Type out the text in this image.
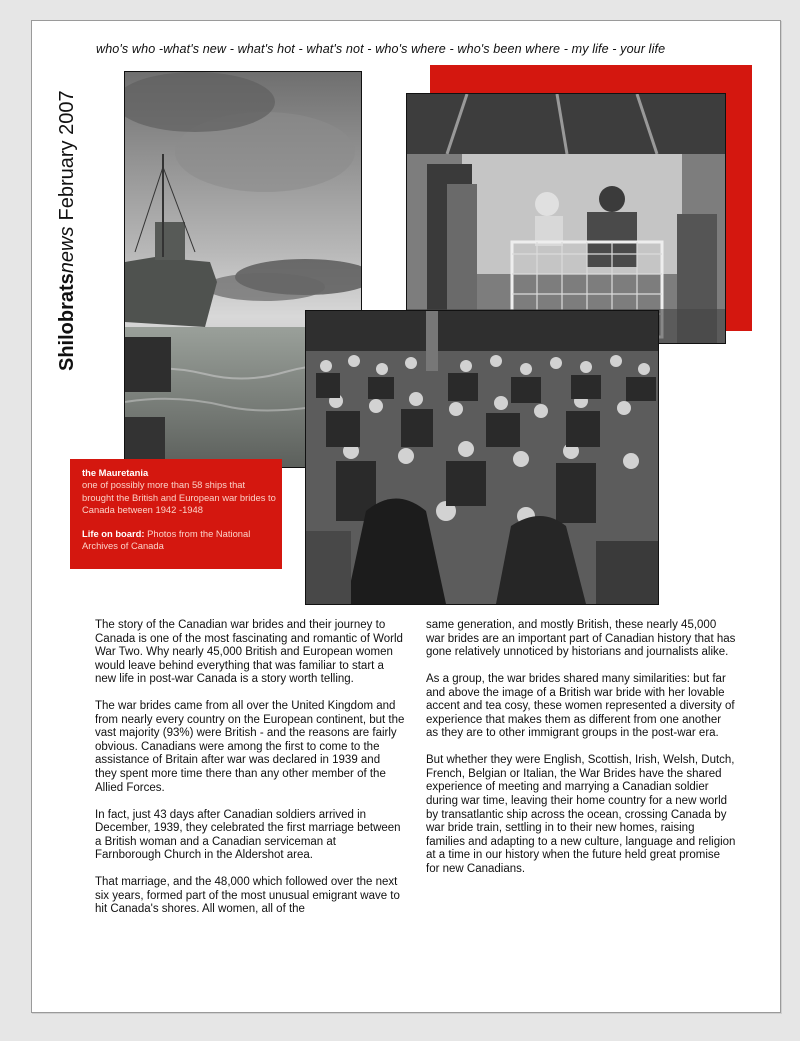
who's who -what's new - what's hot - what's not - who's where - who's been where - my life - your life
ShilobratsnewsFebruary 2007
the Mauretania
one of possibly more than 58 ships that brought the British and European war brides to Canada between 1942 -1948
Life on board: Photos from the National Archives of Canada

The story of the Canadian war brides and their journey to Canada is one of the most fascinating and romantic of World War Two. Why nearly 45,000 British and European women would leave behind everything that was familiar to start a new life in post-war Canada is a story worth telling.

The war brides came from all over the United Kingdom and from nearly every country on the European continent, but the vast majority (93%) were British - and the reasons are fairly obvious. Canadians were among the first to come to the assistance of Britain after war was declared in 1939 and they spent more time there than any other member of the Allied Forces.

In fact, just 43 days after Canadian soldiers arrived in December, 1939, they celebrated the first marriage between a British woman and a Canadian serviceman at Farnborough Church in the Aldershot area.

That marriage, and the 48,000 which followed over the next six years, formed part of the most unusual emigrant wave to hit Canada's shores. All women, all of the

same generation, and mostly British, these nearly 45,000 war brides are an important part of Canadian history that has gone relatively unnoticed by historians and journalists alike.

As a group, the war brides shared many similarities: but far and above the image of a British war bride with her lovable accent and tea cosy, these women represented a diversity of experience that makes them as different from one another as they are to other immigrant groups in the post-war era.

But whether they were English, Scottish, Irish, Welsh, Dutch, French, Belgian or Italian, the War Brides have the shared experience of meeting and marrying a Canadian soldier during war time, leaving their home country for a new world by transatlantic ship across the ocean, crossing Canada by war bride train, settling in to their new homes, raising families and adapting to a new culture, language and religion at a time in our history when the future held great promise for new Canadians.
